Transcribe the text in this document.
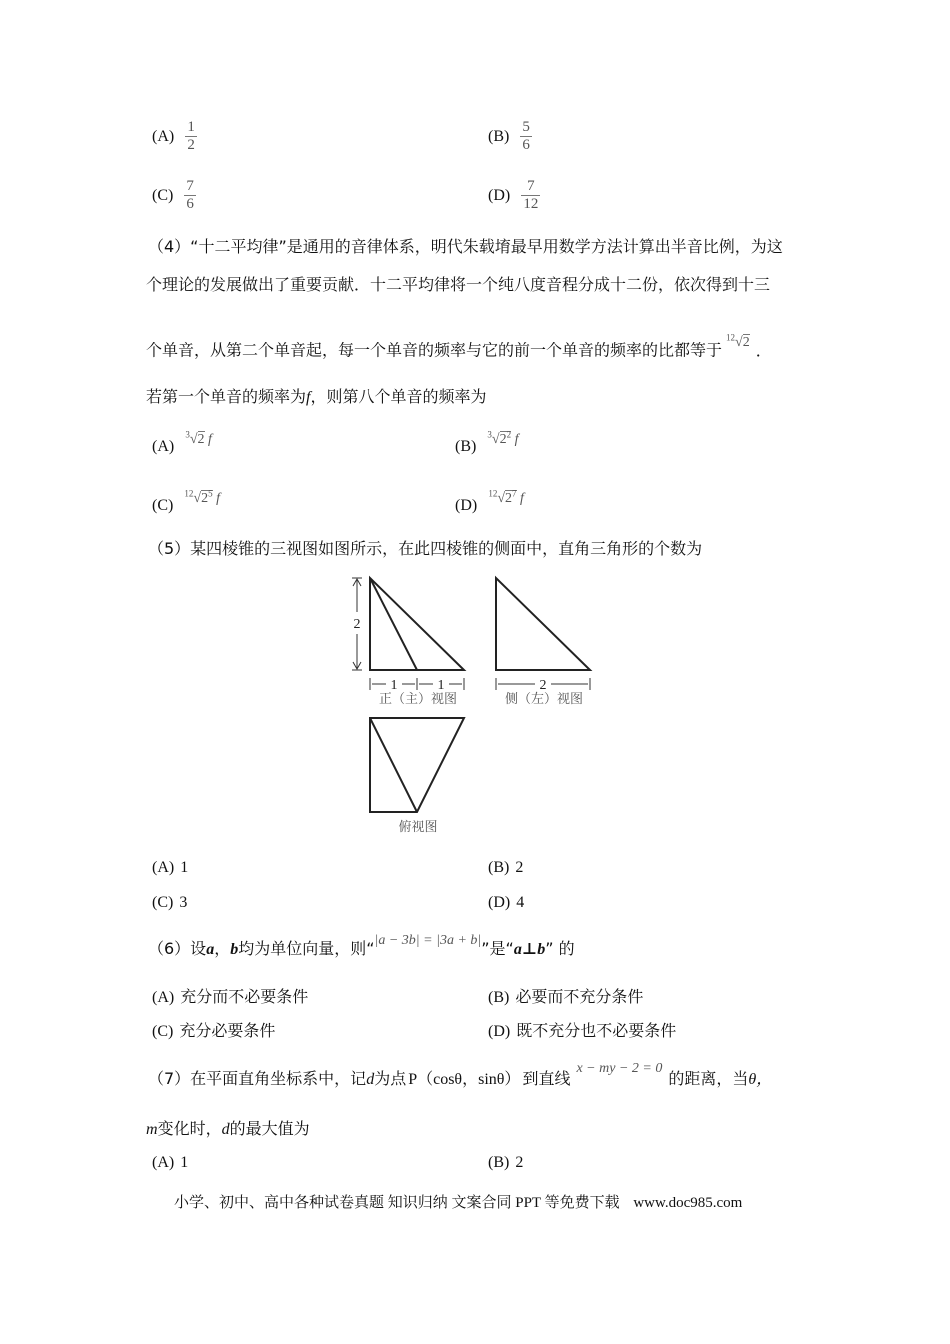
$(A) \frac{1}{2}$	$(B) \frac{5}{6}$
$(C) \frac{7}{6}$	$(D) \frac{7}{12}$
（4）“十二平均律”是通用的音律体系，明代朱载堉最早用数学方法计算出半音比例，为这
个理论的发展做出了重要贡献．十二平均律将一个纯八度音程分成十二份，依次得到十三
个单音，从第二个单音起，每一个单音的频率与它的前一个单音的频率的比都等于$^{12}$√2 ．
若第一个单音的频率为f，则第八个单音的频率为
(A) $^3$√2 f	(B) $^3√2^2$ f
(C) $^{12}√2^5$ f	(D) $^{12}√2^7$ f
（5）某四棱锥的三视图如图所示，在此四棱锥的侧面中，直角三角形的个数为
2
1	1	2
正（主）视图	侧（左）视图
俯视图
(A) 1	(B) 2
(C) 3	(D) 4
（6）设a，b均为单位向量，则“|a − 3b| = |3a + b|”是“a⊥b” 的
(A) 充分而不必要条件	(B) 必要而不充分条件
(C) 充分必要条件	(D) 既不充分也不必要条件
（7）在平面直角坐标系中，记d为点 P（cosθ，sinθ） 到直线x − my − 2 = 0的距离，当θ，
m变化时，d的最大值为
(A) 1	(B) 2
小学、初中、高中各种试卷真题 知识归纳 文案合同 PPT 等免费下载 www.doc985.com
